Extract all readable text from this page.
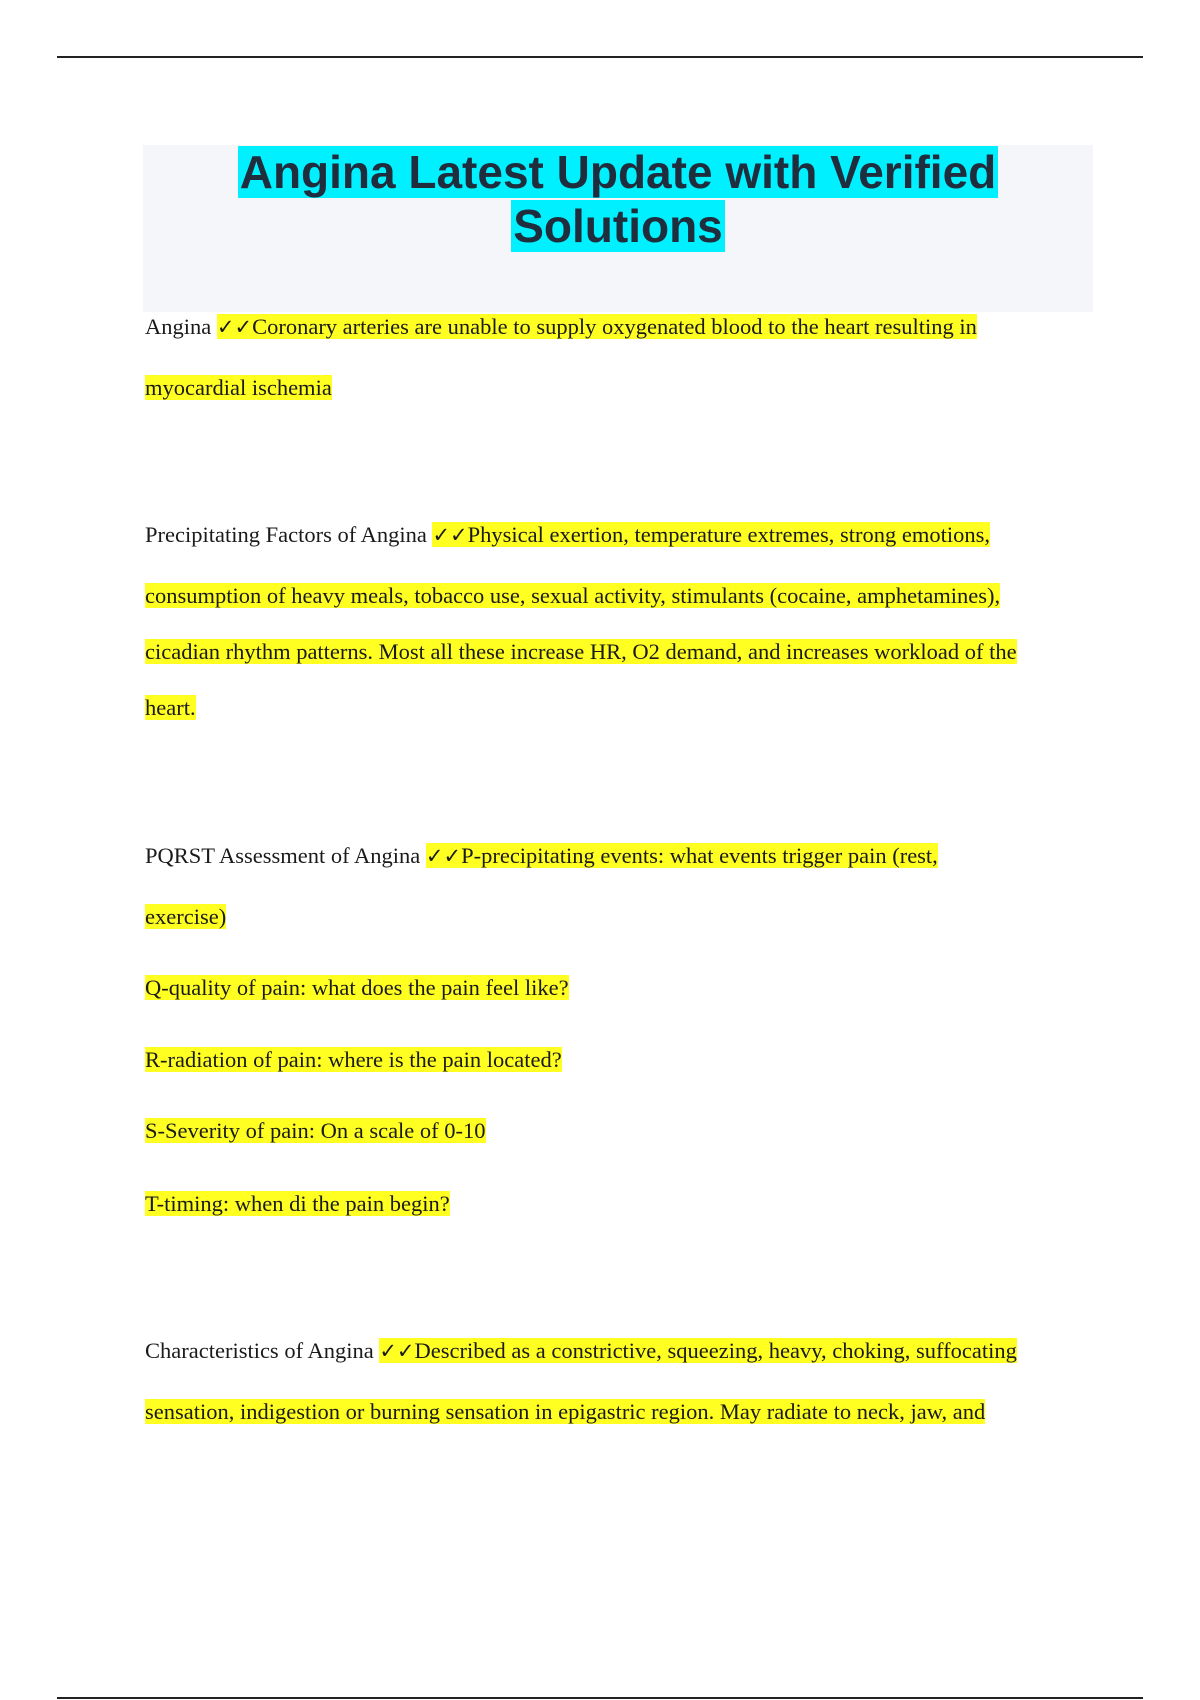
Angina Latest Update with Verified
Solutions
Angina ✓✓Coronary arteries are unable to supply oxygenated blood to the heart resulting in
myocardial ischemia
Precipitating Factors of Angina ✓✓Physical exertion, temperature extremes, strong emotions,
consumption of heavy meals, tobacco use, sexual activity, stimulants (cocaine, amphetamines),
cicadian rhythm patterns. Most all these increase HR, O2 demand, and increases workload of the
heart.
PQRST Assessment of Angina ✓✓P-precipitating events: what events trigger pain (rest,
exercise)
Q-quality of pain: what does the pain feel like?
R-radiation of pain: where is the pain located?
S-Severity of pain: On a scale of 0-10
T-timing: when di the pain begin?
Characteristics of Angina ✓✓Described as a constrictive, squeezing, heavy, choking, suffocating
sensation, indigestion or burning sensation in epigastric region. May radiate to neck, jaw, and
